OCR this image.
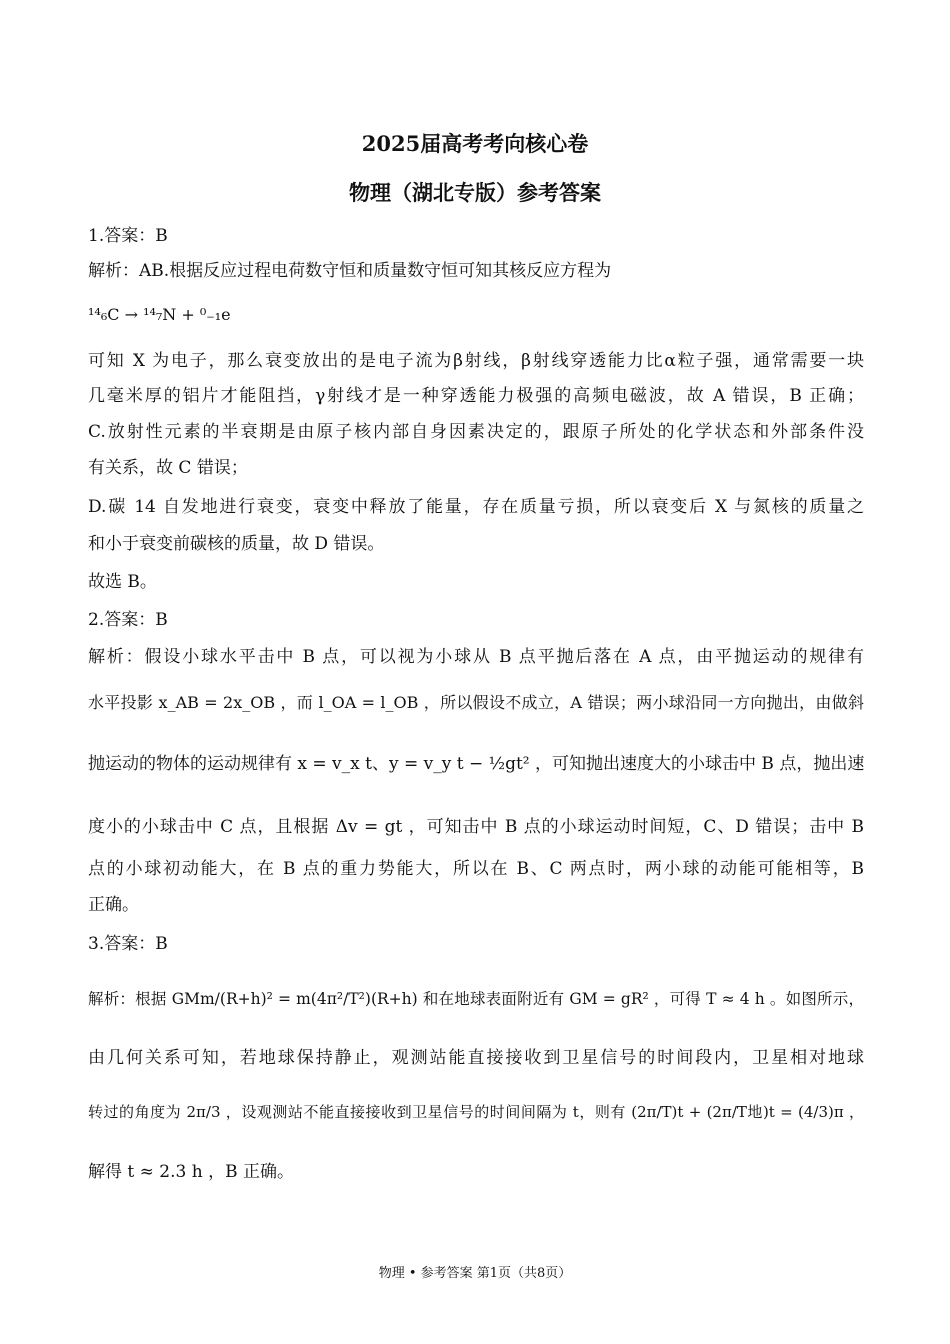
2025届高考考向核心卷
物理（湖北专版）参考答案
1.答案：B
解析：AB.根据反应过程电荷数守恒和质量数守恒可知其核反应方程为
¹⁴₆C → ¹⁴₇N + ⁰₋₁e
可知 X 为电子，那么衰变放出的是电子流为β射线，β射线穿透能力比α粒子强，通常需要一块
几毫米厚的铝片才能阻挡，γ射线才是一种穿透能力极强的高频电磁波，故 A 错误，B 正确；
C.放射性元素的半衰期是由原子核内部自身因素决定的，跟原子所处的化学状态和外部条件没
有关系，故 C 错误；
D.碳 14 自发地进行衰变，衰变中释放了能量，存在质量亏损，所以衰变后 X 与氮核的质量之
和小于衰变前碳核的质量，故 D 错误。
故选 B。
2.答案：B
解析：假设小球水平击中 B 点，可以视为小球从 B 点平抛后落在 A 点，由平抛运动的规律有
水平投影 x_AB = 2x_OB ，而 l_OA = l_OB ，所以假设不成立，A 错误；两小球沿同一方向抛出，由做斜
抛运动的物体的运动规律有 x = v_x t、y = v_y t − ½gt² ，可知抛出速度大的小球击中 B 点，抛出速
度小的小球击中 C 点，且根据 Δv = gt ，可知击中 B 点的小球运动时间短，C、D 错误；击中 B
点的小球初动能大，在 B 点的重力势能大，所以在 B、C 两点时，两小球的动能可能相等，B
正确。
3.答案：B
解析：根据 GMm/(R+h)² = m(4π²/T²)(R+h) 和在地球表面附近有 GM = gR² ，可得 T ≈ 4 h 。如图所示，
由几何关系可知，若地球保持静止，观测站能直接接收到卫星信号的时间段内，卫星相对地球
转过的角度为 2π/3 ，设观测站不能直接接收到卫星信号的时间间隔为 t，则有 (2π/T)t + (2π/T地)t = (4/3)π ，
解得 t ≈ 2.3 h ，B 正确。
物理 • 参考答案 第1页（共8页）
